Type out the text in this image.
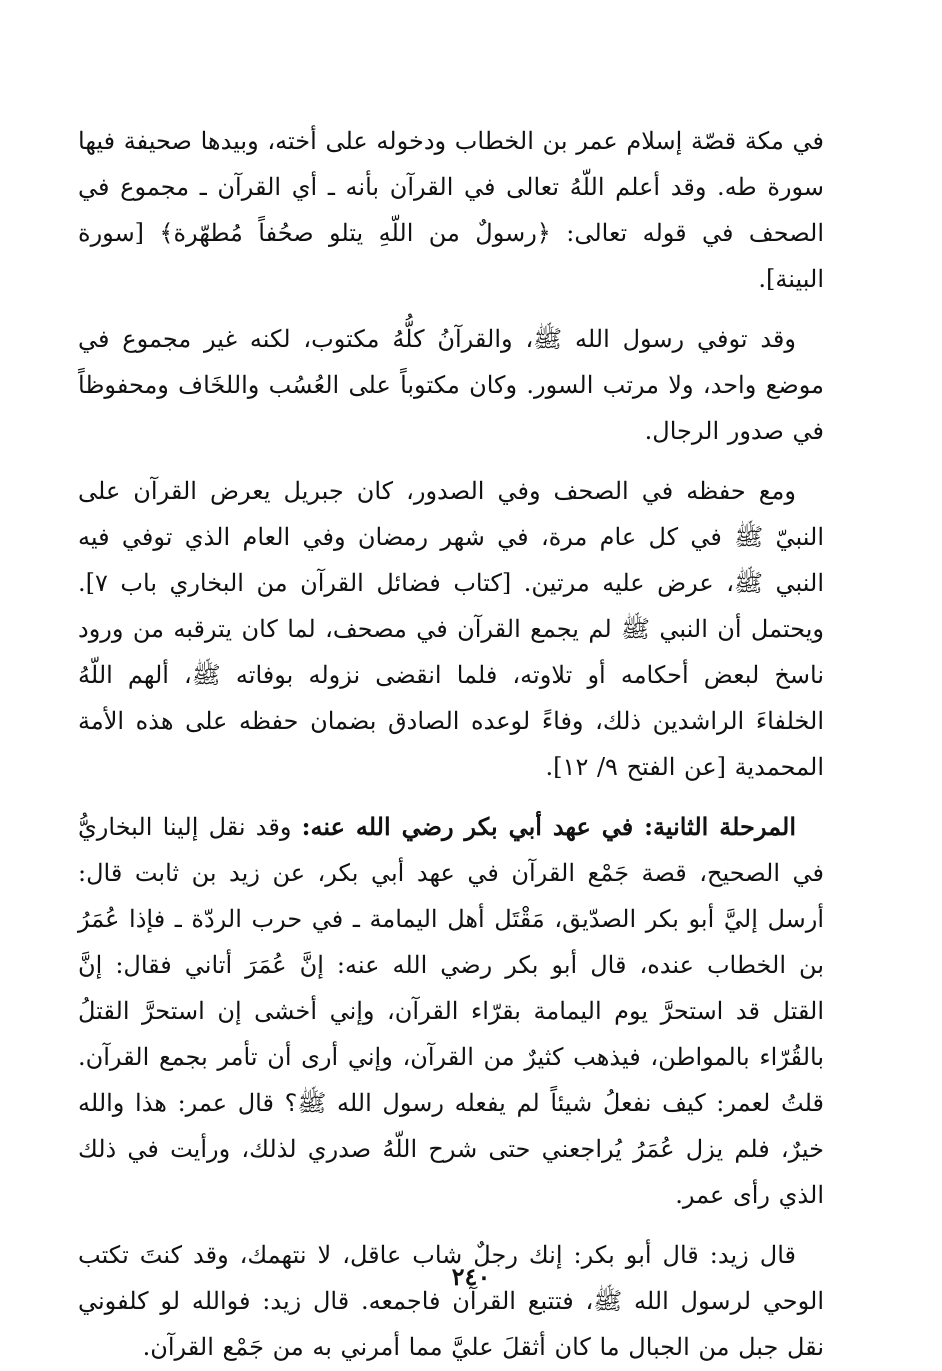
في مكة قصّة إسلام عمر بن الخطاب ودخوله على أخته، وبيدها صحيفة فيها سورة طه. وقد أعلم اللّهُ تعالى في القرآن بأنه ـ أي القرآن ـ مجموع في الصحف في قوله تعالى: ﴿رسولٌ من اللّهِ يتلو صحُفاً مُطهّرة﴾ [سورة البينة].

وقد توفي رسول الله ﷺ، والقرآنُ كلُّهُ مكتوب، لكنه غير مجموع في موضع واحد، ولا مرتب السور. وكان مكتوباً على العُسُب واللخَاف ومحفوظاً في صدور الرجال.

ومع حفظه في الصحف وفي الصدور، كان جبريل يعرض القرآن على النبيّ ﷺ في كل عام مرة، في شهر رمضان وفي العام الذي توفي فيه النبي ﷺ، عرض عليه مرتين. [كتاب فضائل القرآن من البخاري باب ٧]. ويحتمل أن النبي ﷺ لم يجمع القرآن في مصحف، لما كان يترقبه من ورود ناسخ لبعض أحكامه أو تلاوته، فلما انقضى نزوله بوفاته ﷺ، ألهم اللّهُ الخلفاءَ الراشدين ذلك، وفاءً لوعده الصادق بضمان حفظه على هذه الأمة المحمدية [عن الفتح ٩/ ١٢].

المرحلة الثانية: في عهد أبي بكر رضي الله عنه: وقد نقل إلينا البخاريُّ في الصحيح، قصة جَمْع القرآن في عهد أبي بكر، عن زيد بن ثابت قال: أرسل إليَّ أبو بكر الصدّيق، مَقْتَل أهل اليمامة ـ في حرب الردّة ـ فإذا عُمَرُ بن الخطاب عنده، قال أبو بكر رضي الله عنه: إنَّ عُمَرَ أتاني فقال: إنَّ القتل قد استحرَّ يوم اليمامة بقرّاء القرآن، وإني أخشى إن استحرَّ القتلُ بالقُرّاء بالمواطن، فيذهب كثيرٌ من القرآن، وإني أرى أن تأمر بجمع القرآن. قلتُ لعمر: كيف نفعلُ شيئاً لم يفعله رسول الله ﷺ؟ قال عمر: هذا والله خيرٌ، فلم يزل عُمَرُ يُراجعني حتى شرح اللّهُ صدري لذلك، ورأيت في ذلك الذي رأى عمر.

قال زيد: قال أبو بكر: إنك رجلٌ شاب عاقل، لا نتهمك، وقد كنتَ تكتب الوحي لرسول الله ﷺ، فتتبع القرآن فاجمعه. قال زيد: فوالله لو كلفوني نقل جبل من الجبال ما كان أثقلَ عليَّ مما أمرني به من جَمْع القرآن.

٢٤٠
